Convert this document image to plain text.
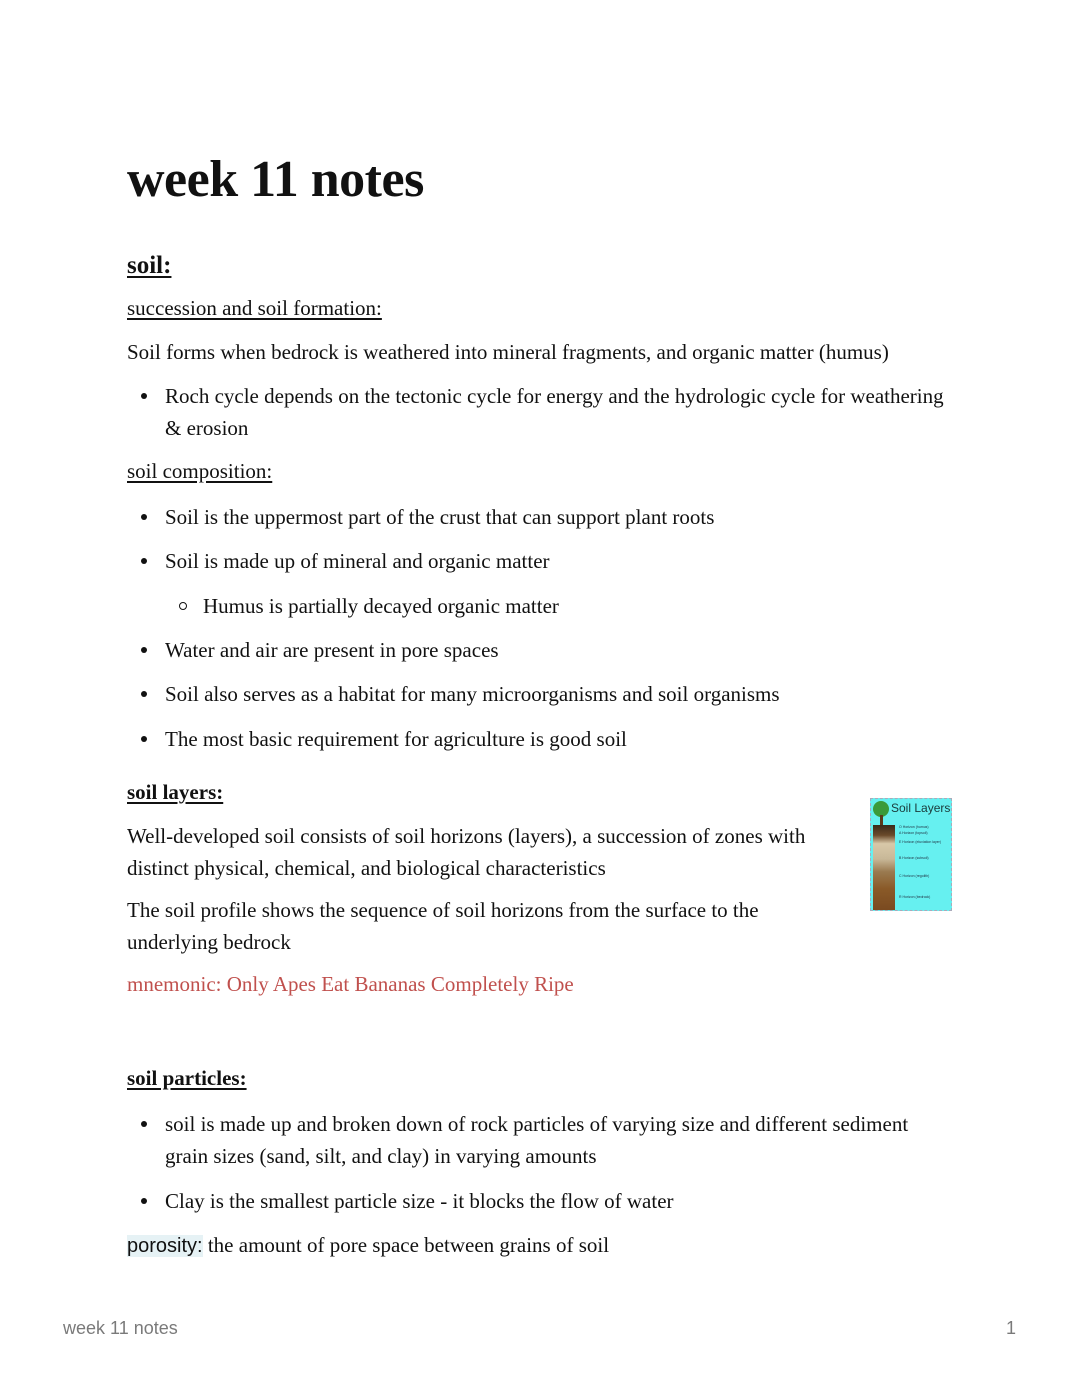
week 11 notes
soil:
succession and soil formation:
Soil forms when bedrock is weathered into mineral fragments, and organic matter (humus)
Roch cycle depends on the tectonic cycle for energy and the hydrologic cycle for weathering
& erosion
soil composition:
Soil is the uppermost part of the crust that can support plant roots
Soil is made up of mineral and organic matter
Humus is partially decayed organic matter
Water and air are present in pore spaces
Soil also serves as a habitat for many microorganisms and soil organisms
The most basic requirement for agriculture is good soil
soil layers:
Well-developed soil consists of soil horizons (layers), a succession of zones with
distinct physical, chemical, and biological characteristics
The soil profile shows the sequence of soil horizons from the surface to the
underlying bedrock
mnemonic: Only Apes Eat Bananas Completely Ripe
Soil Layers
O Horizon (humus)
A Horizon (topsoil)
E Horizon (eluviation layer)
B Horizon (subsoil)
C Horizon (regolith)
R Horizon (bedrock)
soil particles:
soil is made up and broken down of rock particles of varying size and different sediment
grain sizes (sand, silt, and clay) in varying amounts
Clay is the smallest particle size - it blocks the flow of water
porosity: the amount of pore space between grains of soil
week 11 notes	1
